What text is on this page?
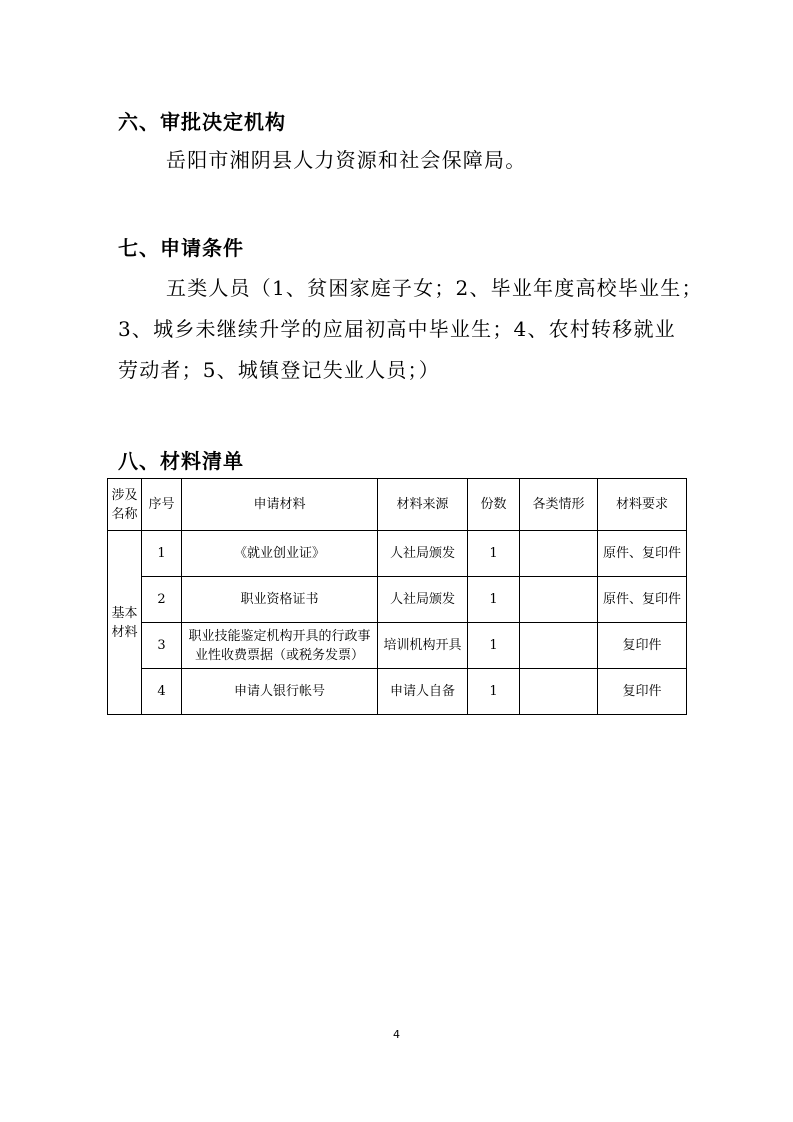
六、审批决定机构
岳阳市湘阴县人力资源和社会保障局。
七、申请条件
五类人员（1、贫困家庭子女；2、毕业年度高校毕业生；
3、城乡未继续升学的应届初高中毕业生；4、农村转移就业
劳动者；5、城镇登记失业人员；）
八、材料清单
涉及名称	序号	申请材料	材料来源	份数	各类情形	材料要求
基本材料	1	《就业创业证》	人社局颁发	1		原件、复印件
	2	职业资格证书	人社局颁发	1		原件、复印件
	3	职业技能鉴定机构开具的行政事业性收费票据（或税务发票）	培训机构开具	1		复印件
	4	申请人银行帐号	申请人自备	1		复印件
4
